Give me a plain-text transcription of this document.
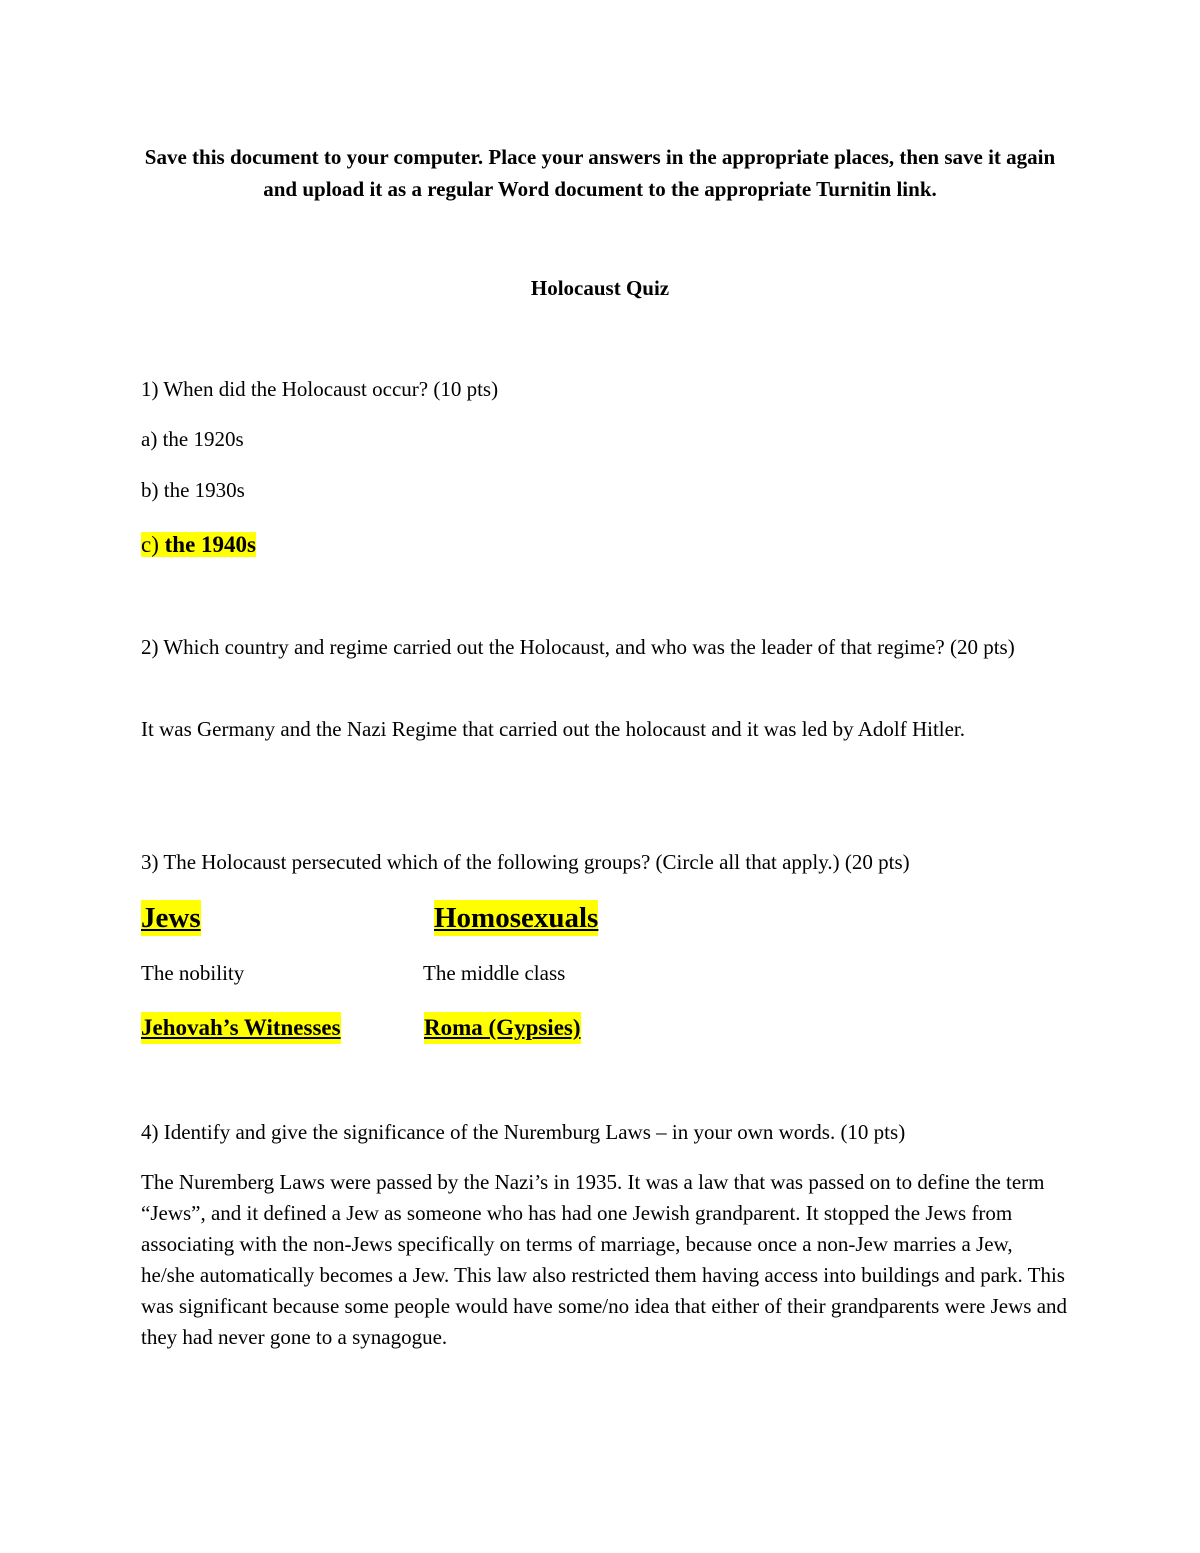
Save this document to your computer. Place your answers in the appropriate places, then save it again and upload it as a regular Word document to the appropriate Turnitin link.
Holocaust Quiz
1) When did the Holocaust occur? (10 pts)
a) the 1920s
b) the 1930s
c) the 1940s
2) Which country and regime carried out the Holocaust, and who was the leader of that regime? (20 pts)
It was Germany and the Nazi Regime that carried out the holocaust and it was led by Adolf Hitler.
3) The Holocaust persecuted which of the following groups? (Circle all that apply.) (20 pts)
Jews	Homosexuals
The nobility	The middle class
Jehovah’s Witnesses	Roma (Gypsies)
4) Identify and give the significance of the Nuremburg Laws – in your own words. (10 pts)
The Nuremberg Laws were passed by the Nazi’s in 1935. It was a law that was passed on to define the term “Jews”, and it defined a Jew as someone who has had one Jewish grandparent. It stopped the Jews from associating with the non-Jews specifically on terms of marriage, because once a non-Jew marries a Jew, he/she automatically becomes a Jew. This law also restricted them having access into buildings and park. This was significant because some people would have some/no idea that either of their grandparents were Jews and they had never gone to a synagogue.
